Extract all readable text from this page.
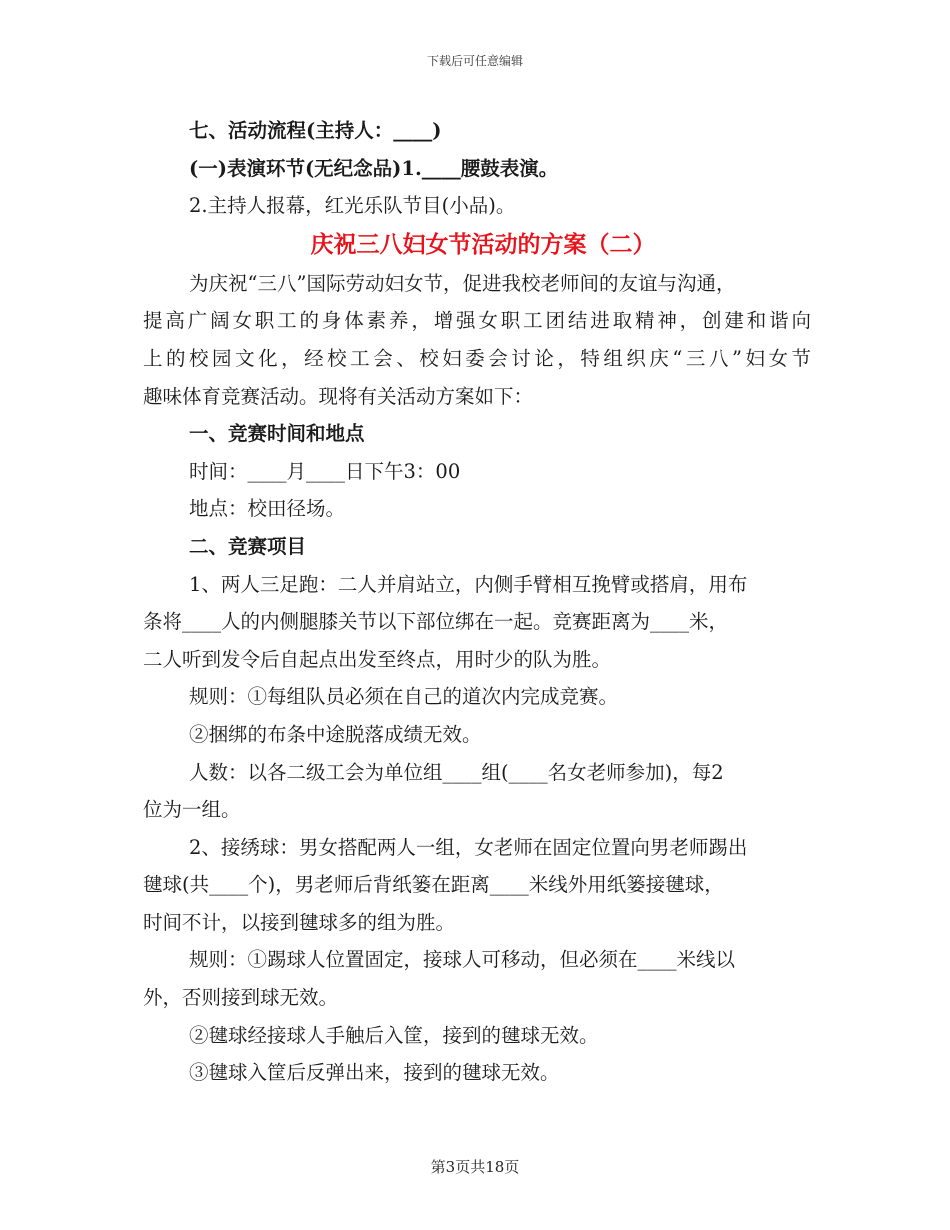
下载后可任意编辑
七、活动流程(主持人：____)
(一)表演环节(无纪念品)1.____腰鼓表演。
2.主持人报幕，红光乐队节目(小品)。
庆祝三八妇女节活动的方案（二）
为庆祝“三八”国际劳动妇女节，促进我校老师间的友谊与沟通，
提高广阔女职工的身体素养，增强女职工团结进取精神，创建和谐向
上的校园文化，经校工会、校妇委会讨论，特组织庆“三八”妇女节
趣味体育竞赛活动。现将有关活动方案如下：
一、竞赛时间和地点
时间：____月____日下午3：00
地点：校田径场。
二、竞赛项目
1、两人三足跑：二人并肩站立，内侧手臂相互挽臂或搭肩，用布
条将____人的内侧腿膝关节以下部位绑在一起。竞赛距离为____米，
二人听到发令后自起点出发至终点，用时少的队为胜。
规则：①每组队员必须在自己的道次内完成竞赛。
②捆绑的布条中途脱落成绩无效。
人数：以各二级工会为单位组____组(____名女老师参加)，每2
位为一组。
2、接绣球：男女搭配两人一组，女老师在固定位置向男老师踢出
毽球(共____个)，男老师后背纸篓在距离____米线外用纸篓接毽球，
时间不计，以接到毽球多的组为胜。
规则：①踢球人位置固定，接球人可移动，但必须在____米线以
外，否则接到球无效。
②毽球经接球人手触后入筐，接到的毽球无效。
③毽球入筐后反弹出来，接到的毽球无效。
第3页共18页
